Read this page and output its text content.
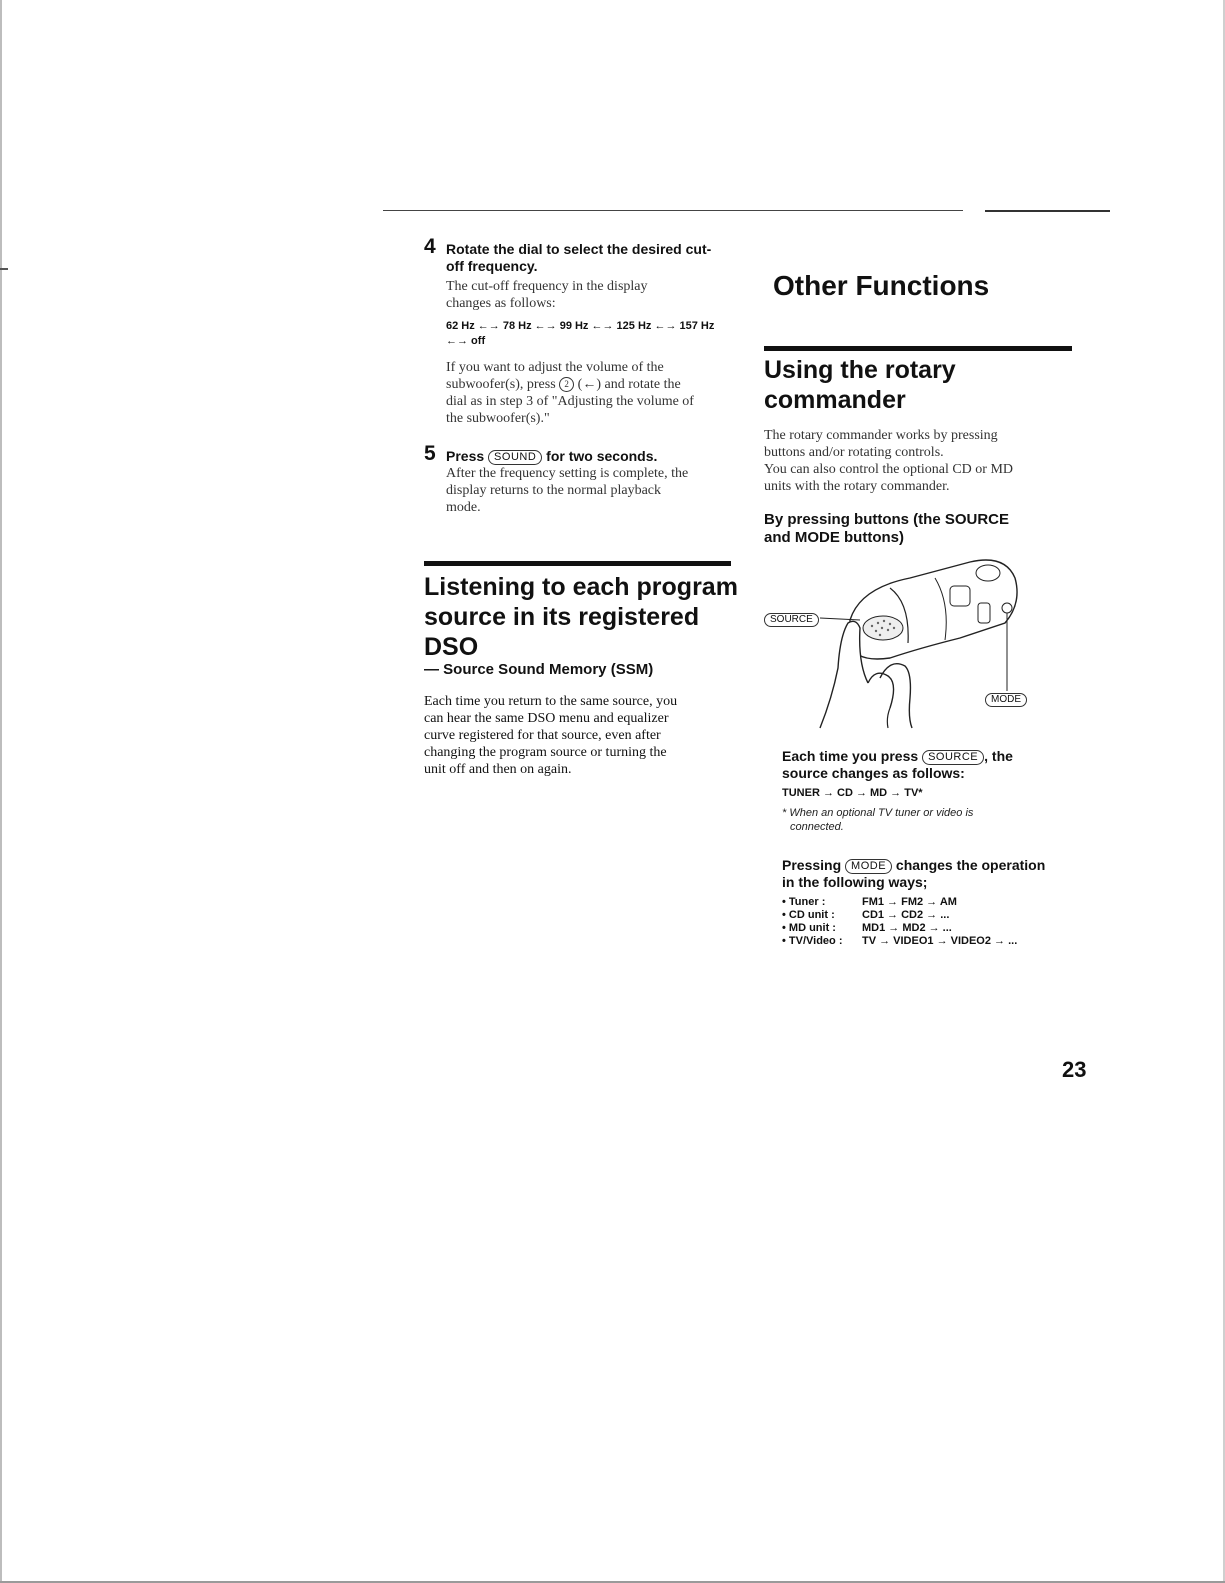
4 Rotate the dial to select the desired cut-
off frequency.
The cut-off frequency in the display
changes as follows:
62 Hz ←→ 78 Hz ←→ 99 Hz ←→ 125 Hz ←→ 157 Hz
←→ off
If you want to adjust the volume of the
subwoofer(s), press 2 (←) and rotate the
dial as in step 3 of "Adjusting the volume of
the subwoofer(s)."
5 Press SOUND for two seconds.
After the frequency setting is complete, the
display returns to the normal playback
mode.
Listening to each program
source in its registered
DSO
— Source Sound Memory (SSM)
Each time you return to the same source, you
can hear the same DSO menu and equalizer
curve registered for that source, even after
changing the program source or turning the
unit off and then on again.
Other Functions
Using the rotary
commander
The rotary commander works by pressing
buttons and/or rotating controls.
You can also control the optional CD or MD
units with the rotary commander.
By pressing buttons (the SOURCE
and MODE buttons)
SOURCE
MODE
Each time you press SOURCE , the
source changes as follows:
TUNER → CD → MD → TV*
* When an optional TV tuner or video is
connected.
Pressing MODE changes the operation
in the following ways;
• Tuner :	FM1 → FM2 → AM
• CD unit : CD1 → CD2 → ...
• MD unit : MD1 → MD2 → ...
• TV/Video : TV → VIDEO1 → VIDEO2 → ...
23
